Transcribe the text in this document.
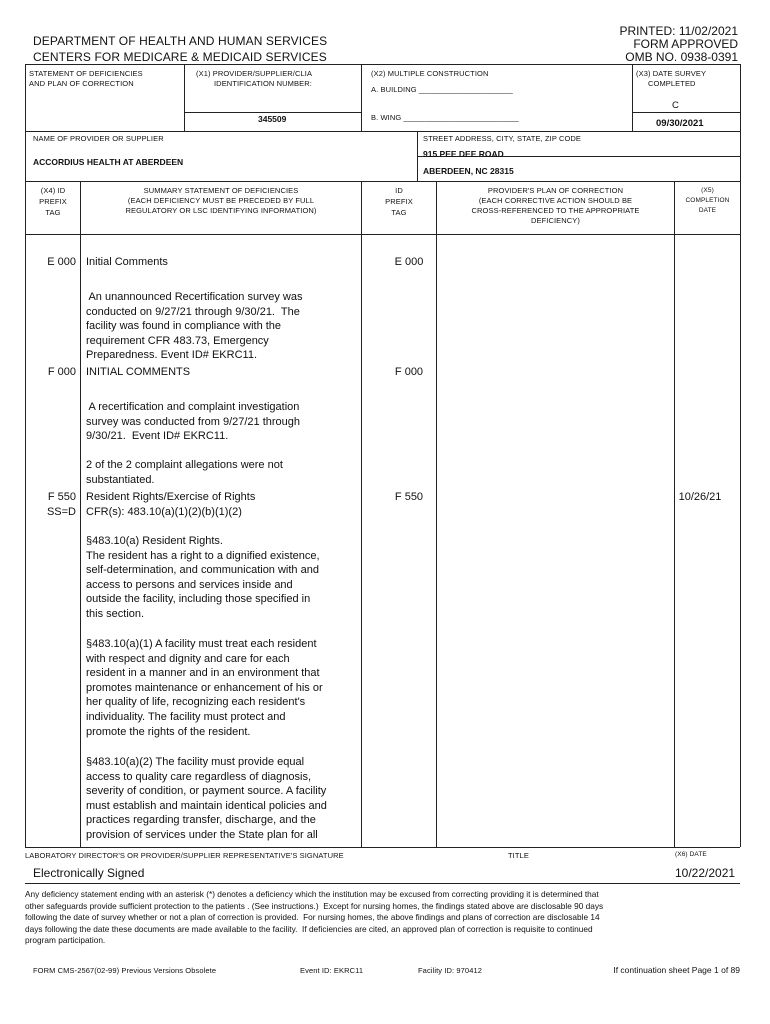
PRINTED: 11/02/2021
FORM APPROVED
OMB NO. 0938-0391
DEPARTMENT OF HEALTH AND HUMAN SERVICES
CENTERS FOR MEDICARE & MEDICAID SERVICES
STATEMENT OF DEFICIENCIES
AND PLAN OF CORRECTION
(X1) PROVIDER/SUPPLIER/CLIA
IDENTIFICATION NUMBER:
345509
(X2) MULTIPLE CONSTRUCTION
A. BUILDING ______________________
B. WING ___________________________
(X3) DATE SURVEY
COMPLETED
C
09/30/2021
NAME OF PROVIDER OR SUPPLIER
ACCORDIUS HEALTH AT ABERDEEN
STREET ADDRESS, CITY, STATE, ZIP CODE
915 PEE DEE ROAD
ABERDEEN, NC 28315
(X4) ID
PREFIX
TAG
SUMMARY STATEMENT OF DEFICIENCIES
(EACH DEFICIENCY MUST BE PRECEDED BY FULL
REGULATORY OR LSC IDENTIFYING INFORMATION)
ID
PREFIX
TAG
PROVIDER'S PLAN OF CORRECTION
(EACH CORRECTIVE ACTION SHOULD BE
CROSS-REFERENCED TO THE APPROPRIATE
DEFICIENCY)
(X5)
COMPLETION
DATE
E 000 Initial Comments	E 000
An unannounced Recertification survey was
conducted on 9/27/21 through 9/30/21.  The
facility was found in compliance with the
requirement CFR 483.73, Emergency
Preparedness. Event ID# EKRC11.
F 000 INITIAL COMMENTS	F 000
A recertification and complaint investigation
survey was conducted from 9/27/21 through
9/30/21.  Event ID# EKRC11.

2 of the 2 complaint allegations were not
substantiated.
F 550
SS=D
Resident Rights/Exercise of Rights
CFR(s): 483.10(a)(1)(2)(b)(1)(2)
F 550	10/26/21
§483.10(a) Resident Rights.
The resident has a right to a dignified existence,
self-determination, and communication with and
access to persons and services inside and
outside the facility, including those specified in
this section.
§483.10(a)(1) A facility must treat each resident
with respect and dignity and care for each
resident in a manner and in an environment that
promotes maintenance or enhancement of his or
her quality of life, recognizing each resident's
individuality. The facility must protect and
promote the rights of the resident.
§483.10(a)(2) The facility must provide equal
access to quality care regardless of diagnosis,
severity of condition, or payment source. A facility
must establish and maintain identical policies and
practices regarding transfer, discharge, and the
provision of services under the State plan for all
LABORATORY DIRECTOR'S OR PROVIDER/SUPPLIER REPRESENTATIVE'S SIGNATURE	TITLE	(X6) DATE
Electronically Signed	10/22/2021
Any deficiency statement ending with an asterisk (*) denotes a deficiency which the institution may be excused from correcting providing it is determined that
other safeguards provide sufficient protection to the patients . (See instructions.)  Except for nursing homes, the findings stated above are disclosable 90 days
following the date of survey whether or not a plan of correction is provided.  For nursing homes, the above findings and plans of correction are disclosable 14
days following the date these documents are made available to the facility.  If deficiencies are cited, an approved plan of correction is requisite to continued
program participation.
FORM CMS-2567(02-99) Previous Versions Obsolete	Event ID: EKRC11	Facility ID: 970412	If continuation sheet Page 1 of 89
